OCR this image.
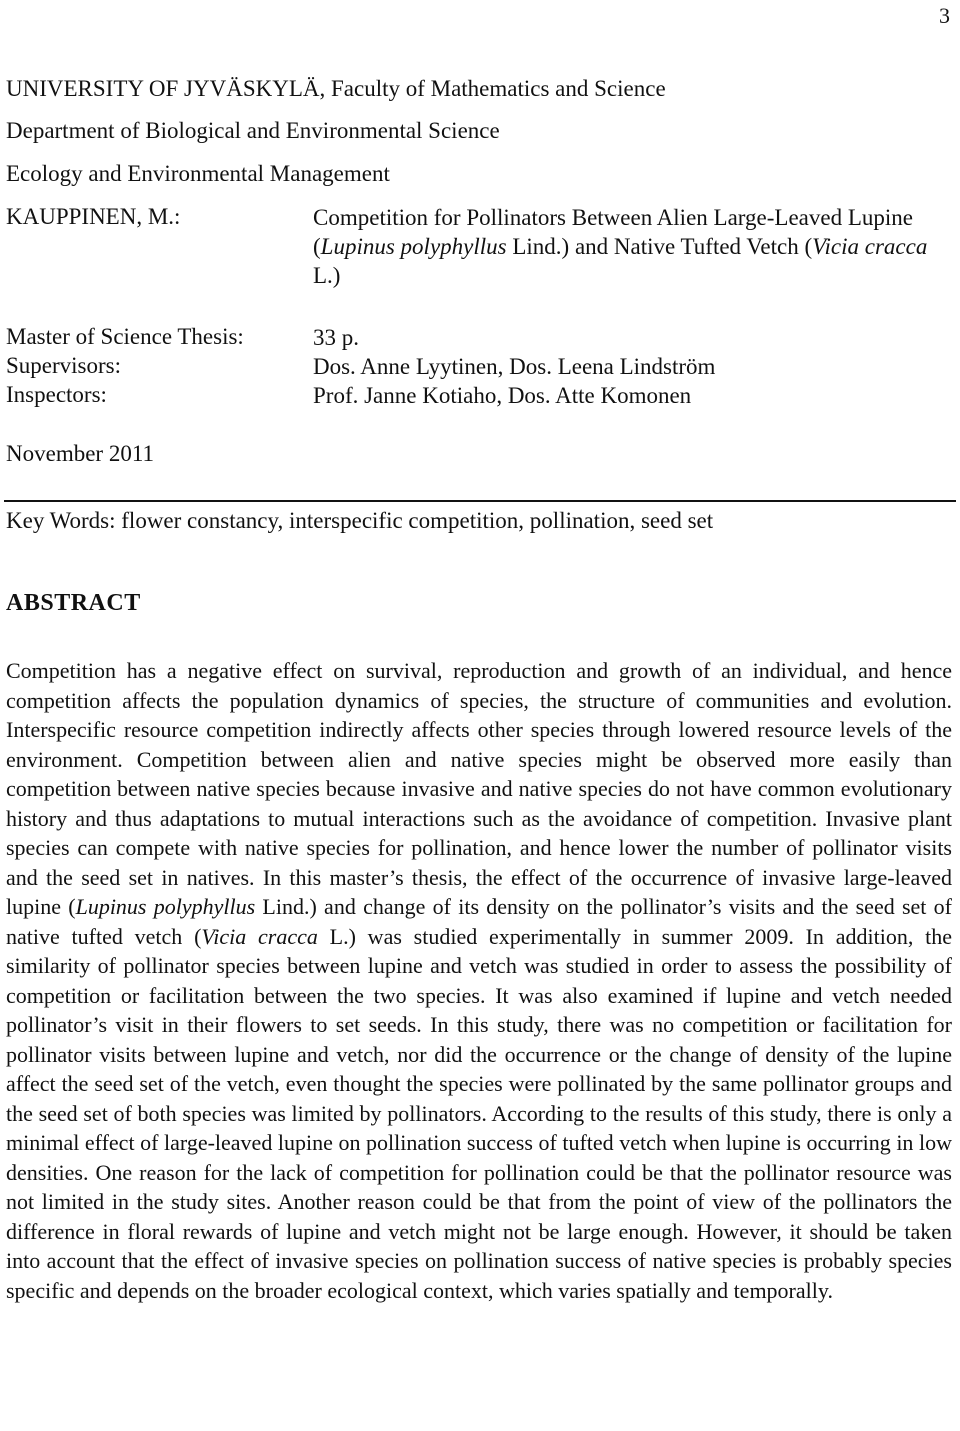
3
UNIVERSITY OF JYVÄSKYLÄ, Faculty of Mathematics and Science
Department of Biological and Environmental Science
Ecology and Environmental Management
KAUPPINEN, M.:	Competition for Pollinators Between Alien Large-Leaved Lupine (Lupinus polyphyllus Lind.) and Native Tufted Vetch (Vicia cracca L.)
Master of Science Thesis:	33 p.
Supervisors:	Dos. Anne Lyytinen, Dos. Leena Lindström
Inspectors:	Prof. Janne Kotiaho, Dos. Atte Komonen
November 2011
Key Words: flower constancy, interspecific competition, pollination, seed set
ABSTRACT

Competition has a negative effect on survival, reproduction and growth of an individual, and hence competition affects the population dynamics of species, the structure of communities and evolution. Interspecific resource competition indirectly affects other species through lowered resource levels of the environment. Competition between alien and native species might be observed more easily than competition between native species because invasive and native species do not have common evolutionary history and thus adaptations to mutual interactions such as the avoidance of competition. Invasive plant species can compete with native species for pollination, and hence lower the number of pollinator visits and the seed set in natives. In this master’s thesis, the effect of the occurrence of invasive large-leaved lupine (Lupinus polyphyllus Lind.) and change of its density on the pollinator’s visits and the seed set of native tufted vetch (Vicia cracca L.) was studied experimentally in summer 2009. In addition, the similarity of pollinator species between lupine and vetch was studied in order to assess the possibility of competition or facilitation between the two species. It was also examined if lupine and vetch needed pollinator’s visit in their flowers to set seeds. In this study, there was no competition or facilitation for pollinator visits between lupine and vetch, nor did the occurrence or the change of density of the lupine affect the seed set of the vetch, even thought the species were pollinated by the same pollinator groups and the seed set of both species was limited by pollinators. According to the results of this study, there is only a minimal effect of large-leaved lupine on pollination success of tufted vetch when lupine is occurring in low densities. One reason for the lack of competition for pollination could be that the pollinator resource was not limited in the study sites. Another reason could be that from the point of view of the pollinators the difference in floral rewards of lupine and vetch might not be large enough. However, it should be taken into account that the effect of invasive species on pollination success of native species is probably species specific and depends on the broader ecological context, which varies spatially and temporally.
